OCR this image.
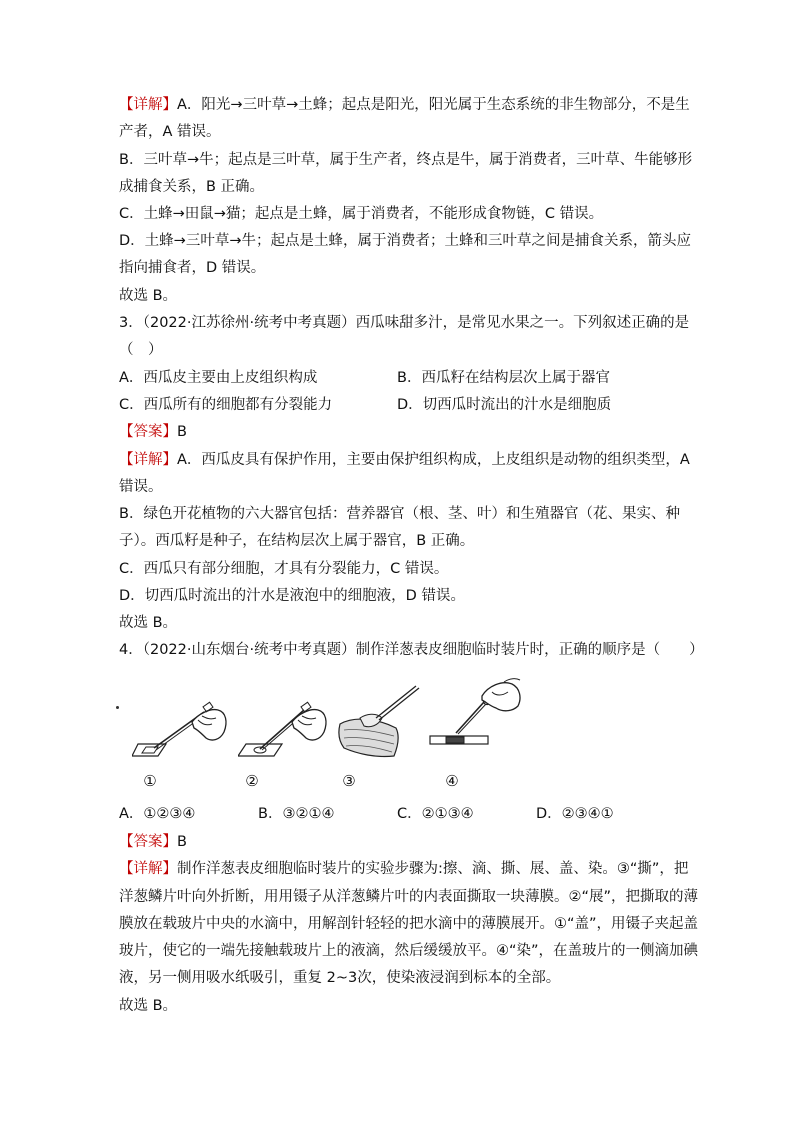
【详解】A．阳光→三叶草→土蜂；起点是阳光，阳光属于生态系统的非生物部分，不是生
产者，A 错误。
B．三叶草→牛；起点是三叶草，属于生产者，终点是牛，属于消费者，三叶草、牛能够形
成捕食关系，B 正确。
C．土蜂→田鼠→猫；起点是土蜂，属于消费者，不能形成食物链，C 错误。
D．土蜂→三叶草→牛；起点是土蜂，属于消费者；土蜂和三叶草之间是捕食关系，箭头应
指向捕食者，D 错误。
故选 B。
3．（2022·江苏徐州·统考中考真题）西瓜味甜多汁，是常见水果之一。下列叙述正确的是
（　）
A．西瓜皮主要由上皮组织构成	B．西瓜籽在结构层次上属于器官
C．西瓜所有的细胞都有分裂能力	D．切西瓜时流出的汁水是细胞质
【答案】B
【详解】A．西瓜皮具有保护作用，主要由保护组织构成，上皮组织是动物的组织类型，A
错误。
B．绿色开花植物的六大器官包括：营养器官（根、茎、叶）和生殖器官（花、果实、种
子）。西瓜籽是种子，在结构层次上属于器官，B 正确。
C．西瓜只有部分细胞，才具有分裂能力，C 错误。
D．切西瓜时流出的汁水是液泡中的细胞液，D 错误。
故选 B。
4．（2022·山东烟台·统考中考真题）制作洋葱表皮细胞临时装片时，正确的顺序是（　　）
①	②	③	④
A．①②③④	B．③②①④	C．②①③④	D．②③④①
【答案】B
【详解】制作洋葱表皮细胞临时装片的实验步骤为:擦、滴、撕、展、盖、染。③“撕”，把
洋葱鳞片叶向外折断，用用镊子从洋葱鳞片叶的内表面撕取一块薄膜。②“展”，把撕取的薄
膜放在载玻片中央的水滴中，用解剖针轻轻的把水滴中的薄膜展开。①“盖”，用镊子夹起盖
玻片，使它的一端先接触载玻片上的液滴，然后缓缓放平。④“染”，在盖玻片的一侧滴加碘
液，另一侧用吸水纸吸引，重复 2~3次，使染液浸润到标本的全部。
故选 B。
